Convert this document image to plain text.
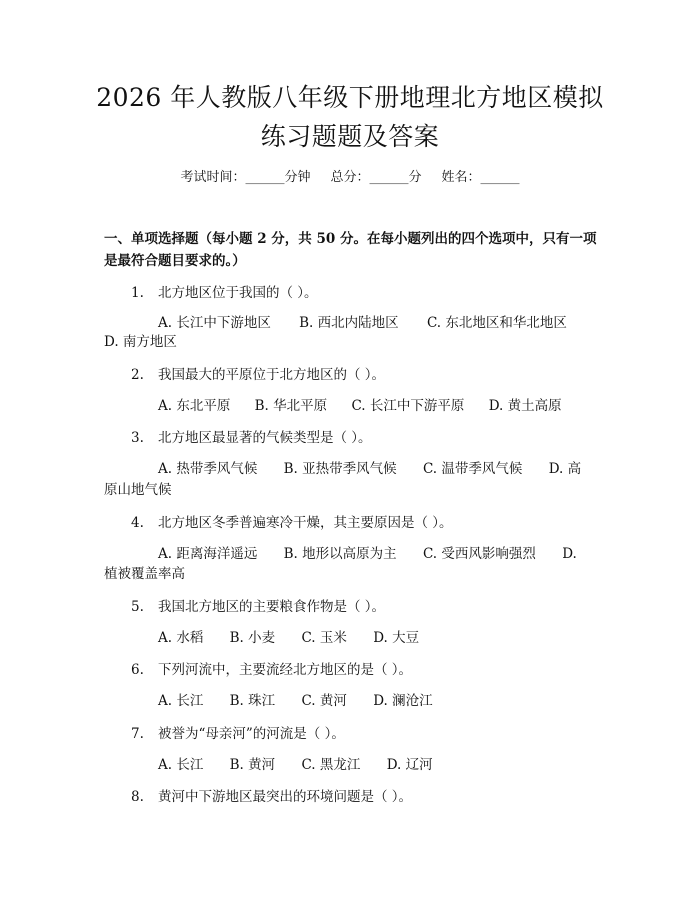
2026 年人教版八年级下册地理北方地区模拟
练习题题及答案
考试时间：______分钟 总分：______分 姓名：______
一、单项选择题（每小题 2 分，共 50 分。在每小题列出的四个选项中，只有一项是最符合题目要求的。）
1. 北方地区位于我国的（ ）。
A. 长江中下游地区 B. 西北内陆地区 C. 东北地区和华北地区
D. 南方地区
2. 我国最大的平原位于北方地区的（ ）。
A. 东北平原 B. 华北平原 C. 长江中下游平原 D. 黄土高原
3. 北方地区最显著的气候类型是（ ）。
A. 热带季风气候 B. 亚热带季风气候 C. 温带季风气候 D. 高
原山地气候
4. 北方地区冬季普遍寒冷干燥，其主要原因是（ ）。
A. 距离海洋遥远 B. 地形以高原为主 C. 受西风影响强烈 D.
植被覆盖率高
5. 我国北方地区的主要粮食作物是（ ）。
A. 水稻 B. 小麦 C. 玉米 D. 大豆
6. 下列河流中，主要流经北方地区的是（ ）。
A. 长江 B. 珠江 C. 黄河 D. 澜沧江
7. 被誉为“母亲河”的河流是（ ）。
A. 长江 B. 黄河 C. 黑龙江 D. 辽河
8. 黄河中下游地区最突出的环境问题是（ ）。
